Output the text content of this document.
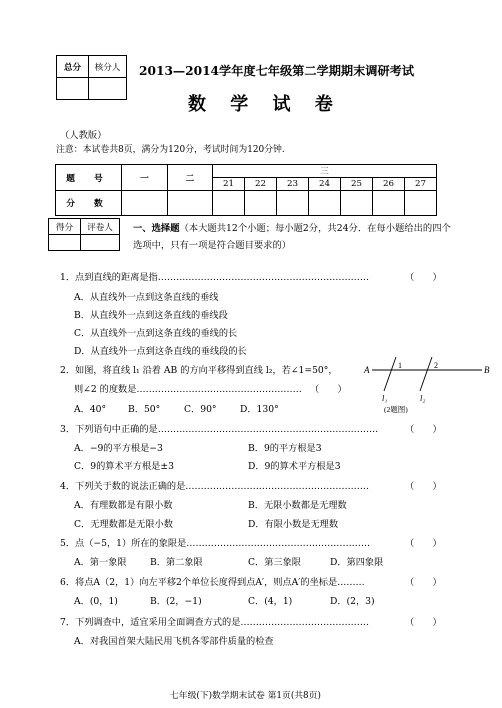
总分	核分人
	2013—2014学年度七年级第二学期期末调研考试
数 学 试 卷
（人教版）
注意：本试卷共8页，满分为120分，考试时间为120分钟.
题 号	一	二	三						
			21	22	23	24	25	26	27
分 数									
得分	评卷人
	一、选择题（本大题共12个小题；每小题2分，共24分．在每小题给出的四个选项中，只有一项是符合题目要求的）
1．点到直线的距离是指……………………………………………………………	（　　）
A．从直线外一点到这条直线的垂线
B．从直线外一点到这条直线的垂线段
C．从直线外一点到这条直线的垂线的长
D．从直线外一点到这条直线的垂线段的长
2．如图，将直线 l₁ 沿着 AB 的方向平移得到直线 l₂，若∠1=50°，
则∠2 的度数是……………………………………………… （　　）
A．40° B．50°	C．90°	D．130°
A	B
1	2
l₁	l₂
(2题图)
3．下列语句中正确的是………………………………………………………………	（　　）
A．−9的平方根是−3	B．9的平方根是3
C．9的算术平方根是±3	D．9的算术平方根是3
4．下列关于数的说法正确的是……………………………………………………	（　　）
A．有理数都是有限小数	B．无限小数都是无理数
C．无理数都是无限小数	D．有限小数是无理数
5．点（−5，1）所在的象限是……………………………………………………	（　　）
A．第一象限	B．第二象限	C．第三象限	D．第四象限
6．将点A（2，1）向左平移2个单位长度得到点A′，则点A′的坐标是………	（　　）
A．(0，1)	B．(2，−1)	C．(4，1)	D．(2，3)
7．下列调查中，适宜采用全面调查方式的是……………………………………	（　　）
A．对我国首架大陆民用飞机各零部件质量的检查
七年级(下)数学期末试卷 第1页(共8页)
